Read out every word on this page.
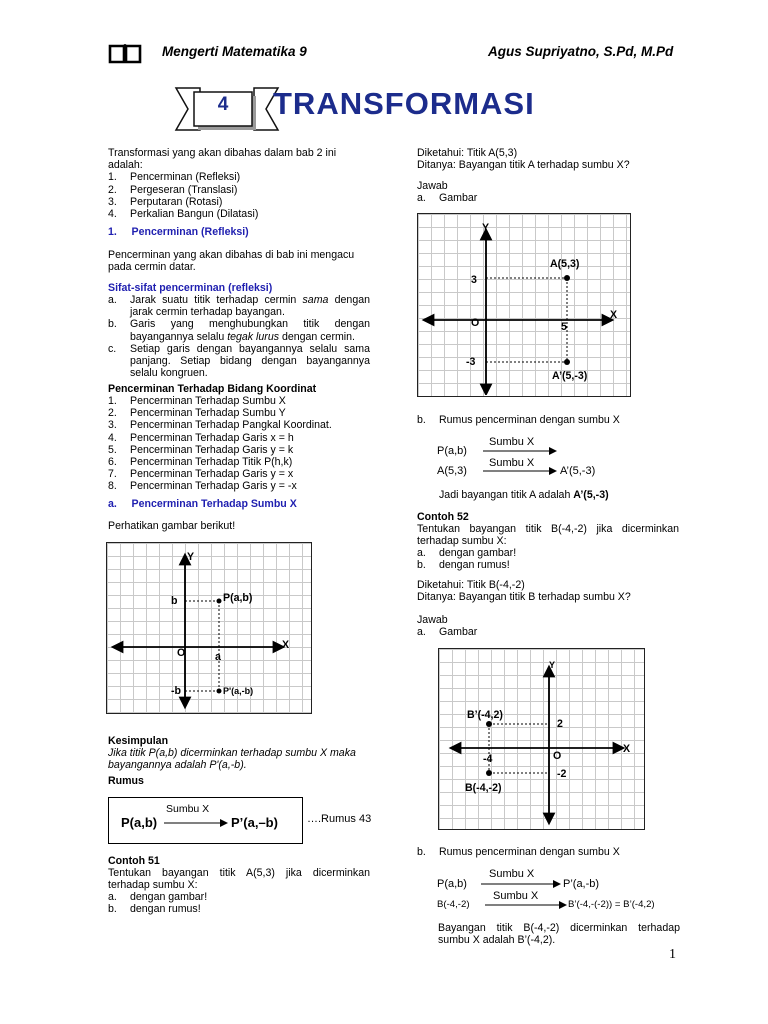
Mengerti Matematika 9	Agus Supriyatno, S.Pd, M.Pd
4	TRANSFORMASI
Transformasi yang akan dibahas dalam bab 2 ini adalah:
1. Pencerminan (Refleksi)
2. Pergeseran (Translasi)
3. Perputaran (Rotasi)
4. Perkalian Bangun (Dilatasi)
1.     Pencerminan (Refleksi)
Pencerminan yang akan dibahas di bab ini mengacu pada cermin datar.
Sifat-sifat pencerminan (refleksi)
a. Jarak suatu titik terhadap cermin sama dengan jarak cermin terhadap bayangan.
b. Garis yang menghubungkan titik dengan bayangannya selalu tegak lurus dengan cermin.
c. Setiap garis dengan bayangannya selalu sama panjang. Setiap bidang dengan bayangannya selalu kongruen.
Pencerminan Terhadap Bidang Koordinat
1. Pencerminan Terhadap Sumbu X
2. Pencerminan Terhadap Sumbu Y
3. Pencerminan Terhadap Pangkal Koordinat.
4. Pencerminan Terhadap Garis x = h
5. Pencerminan Terhadap Garis y = k
6. Pencerminan Terhadap Titik P(h,k)
7. Pencerminan Terhadap Garis y = x
8. Pencerminan Terhadap Garis y = -x
a.     Pencerminan Terhadap Sumbu X
Perhatikan gambar berikut!
Y
X
O
b
-b
a
P(a,b)
P'(a,-b)
Kesimpulan
Jika titik P(a,b) dicerminkan terhadap sumbu X maka bayangannya adalah P'(a,-b).
Rumus
P(a,b)
Sumbu X
P’(a,–b)	….Rumus 43
Contoh 51
Tentukan bayangan titik A(5,3) jika dicerminkan terhadap sumbu X:
a. dengan gambar!
b. dengan rumus!
Diketahui: Titik A(5,3)
Ditanya: Bayangan titik A terhadap sumbu X?
Jawab
a. Gambar
Y
X
O
3
-3
5
A(5,3)
A’(5,-3)
b. Rumus pencerminan dengan sumbu X
Sumbu X
P(a,b)
Sumbu X
A(5,3)	A’(5,-3)
Jadi bayangan titik A adalah A’(5,-3)
Contoh 52
Tentukan bayangan titik B(-4,-2) jika dicerminkan terhadap sumbu X:
a. dengan gambar!
b. dengan rumus!
Diketahui: Titik B(-4,-2)
Ditanya: Bayangan titik B terhadap sumbu X?
Jawab
a. Gambar
Y
X
O
2
-2
-4
B’(-4,2)
B(-4,-2)
b. Rumus pencerminan dengan sumbu X
Sumbu X
P(a,b)	P’(a,-b)
Sumbu X
B(-4,-2)	B’(-4,-(-2)) = B’(-4,2)
Bayangan titik B(-4,-2) dicerminkan terhadap sumbu X adalah B’(-4,2).
1
